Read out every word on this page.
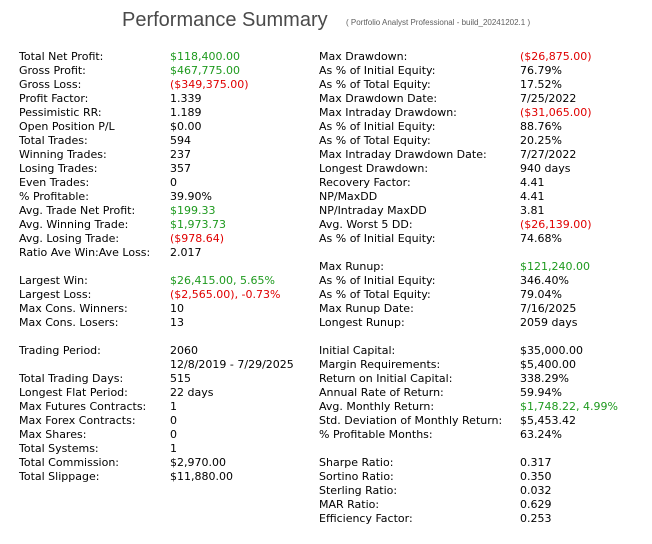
Performance Summary ( Portfolio Analyst Professional - build_20241202.1 )
Total Net Profit:	$118,400.00
Gross Profit:	$467,775.00
Gross Loss:	($349,375.00)
Profit Factor:	1.339
Pessimistic RR:	1.189
Open Position P/L	$0.00
Total Trades:	594
Winning Trades:	237
Losing Trades:	357
Even Trades:	0
% Profitable:	39.90%
Avg. Trade Net Profit:	$199.33
Avg. Winning Trade:	$1,973.73
Avg. Losing Trade:	($978.64)
Ratio Ave Win:Ave Loss: 2.017
Largest Win:	$26,415.00, 5.65%
Largest Loss:	($2,565.00), -0.73%
Max Cons. Winners:	10
Max Cons. Losers:	13
Trading Period:	2060
12/8/2019 - 7/29/2025
Total Trading Days:	515
Longest Flat Period:	22 days
Max Futures Contracts: 1
Max Forex Contracts:	0
Max Shares:	0
Total Systems:	1
Total Commission:	$2,970.00
Total Slippage:	$11,880.00
Max Drawdown:	($26,875.00)
As % of Initial Equity:	76.79%
As % of Total Equity:	17.52%
Max Drawdown Date:	7/25/2022
Max Intraday Drawdown:	($31,065.00)
As % of Initial Equity:	88.76%
As % of Total Equity:	20.25%
Max Intraday Drawdown Date:	7/27/2022
Longest Drawdown:	940 days
Recovery Factor:	4.41
NP/MaxDD	4.41
NP/Intraday MaxDD	3.81
Avg. Worst 5 DD:	($26,139.00)
As % of Initial Equity:	74.68%
Max Runup:	$121,240.00
As % of Initial Equity:	346.40%
As % of Total Equity:	79.04%
Max Runup Date:	7/16/2025
Longest Runup:	2059 days
Initial Capital:	$35,000.00
Margin Requirements:	$5,400.00
Return on Initial Capital:	338.29%
Annual Rate of Return:	59.94%
Avg. Monthly Return:	$1,748.22, 4.99%
Std. Deviation of Monthly Return: $5,453.42
% Profitable Months:	63.24%
Sharpe Ratio:	0.317
Sortino Ratio:	0.350
Sterling Ratio:	0.032
MAR Ratio:	0.629
Efficiency Factor:	0.253
